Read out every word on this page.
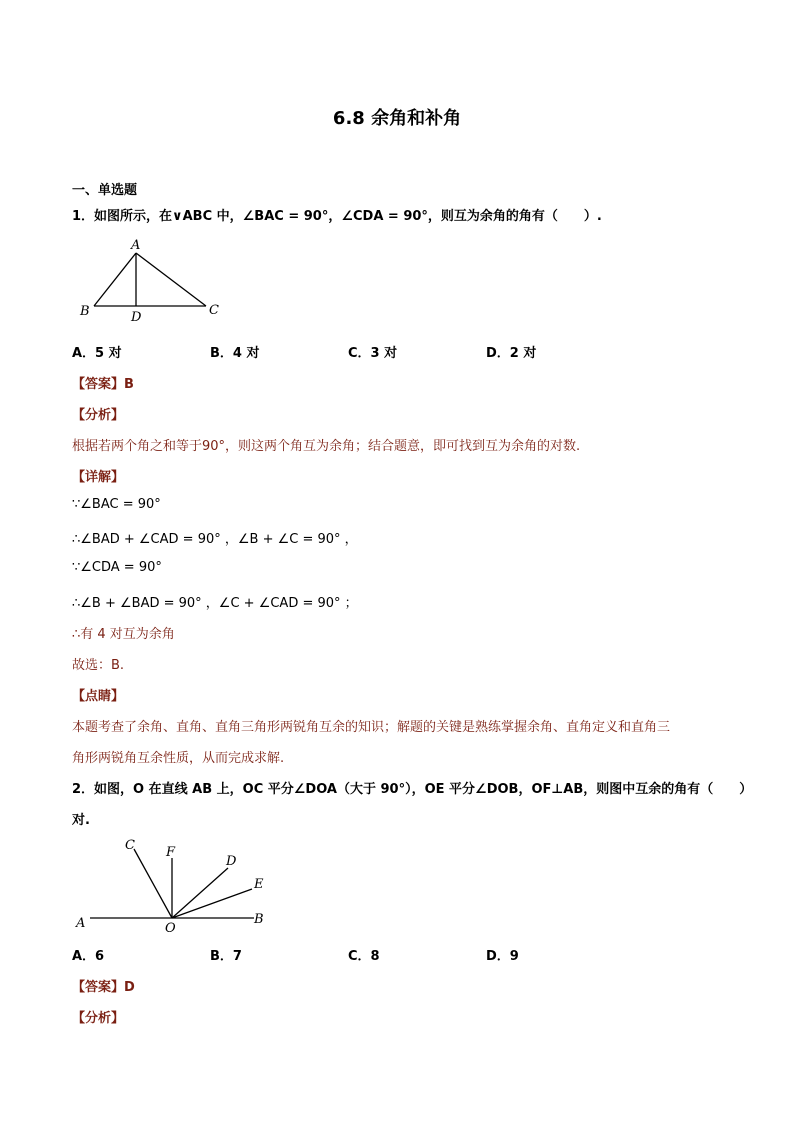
6.8 余角和补角
一、单选题
1．如图所示，在∨ABC 中，∠BAC = 90°，∠CDA = 90°，则互为余角的角有（　　）.
A
B	C
D
A．5 对	B．4 对	C．3 对	D．2 对
【答案】B
【分析】
根据若两个角之和等于90°，则这两个角互为余角；结合题意，即可找到互为余角的对数.
【详解】
∵∠BAC = 90°
∴∠BAD + ∠CAD = 90° ，∠B + ∠C = 90° ，
∵∠CDA = 90°
∴∠B + ∠BAD = 90° ，∠C + ∠CAD = 90° ；
∴有 4 对互为余角
故选：B.
【点睛】
本题考查了余角、直角、直角三角形两锐角互余的知识；解题的关键是熟练掌握余角、直角定义和直角三
角形两锐角互余性质，从而完成求解.
2．如图，O 在直线 AB 上，OC 平分∠DOA（大于 90°），OE 平分∠DOB，OF⊥AB，则图中互余的角有（　　）
对.
A	B
C
D
E
F
O
A．6	B．7	C．8	D．9
【答案】D
【分析】
